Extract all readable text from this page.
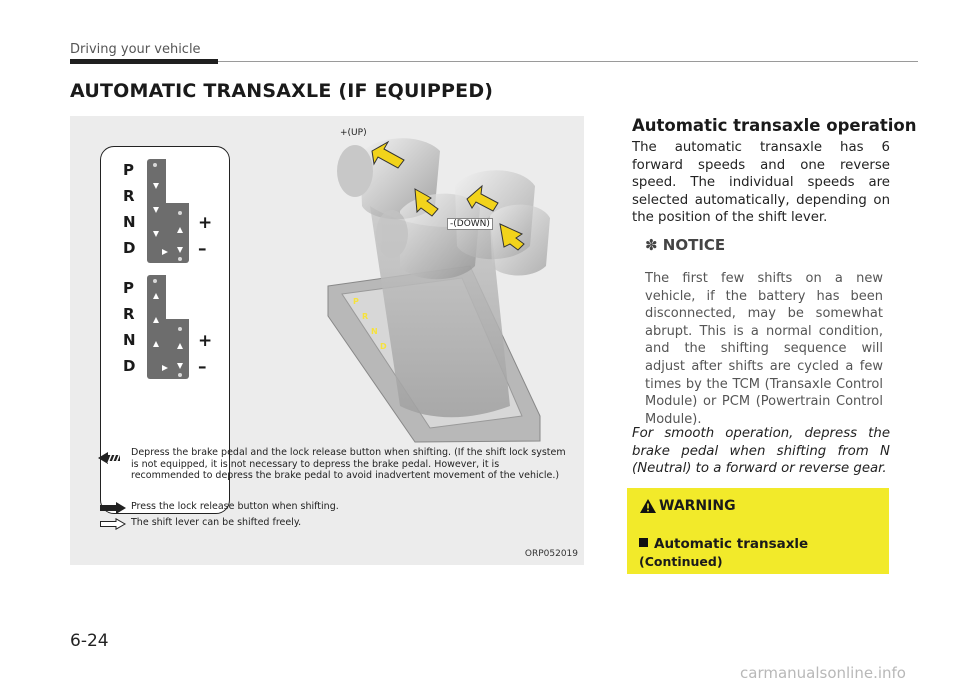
Driving your vehicle
AUTOMATIC TRANSAXLE (IF EQUIPPED)
P
R
N
D
+
–
P
R
N
D
+
–
P
R
N
D
+(UP)
-(DOWN)
Depress the brake pedal and the lock release button when shifting. (If the shift lock system is not equipped, it is not necessary to depress the brake pedal. However, it is recommended to depress the brake pedal to avoid inadvertent movement of the vehicle.)
Press the lock release button when shifting.
The shift lever can be shifted freely.
ORP052019
Automatic transaxle operation
The automatic transaxle has 6 forward speeds and one reverse speed. The individual speeds are selected automatically, depending on the position of the shift lever.
✽ NOTICE
The first few shifts on a new vehicle, if the battery has been disconnected, may be somewhat abrupt. This is a normal condition, and the shifting sequence will adjust after shifts are cycled a few times by the TCM (Transaxle Control Module) or PCM (Powertrain Control Module).
For smooth operation, depress the brake pedal when shifting from N (Neutral) to a forward or reverse gear.
WARNING
Automatic transaxle
(Continued)
6-24
carmanualsonline.info
